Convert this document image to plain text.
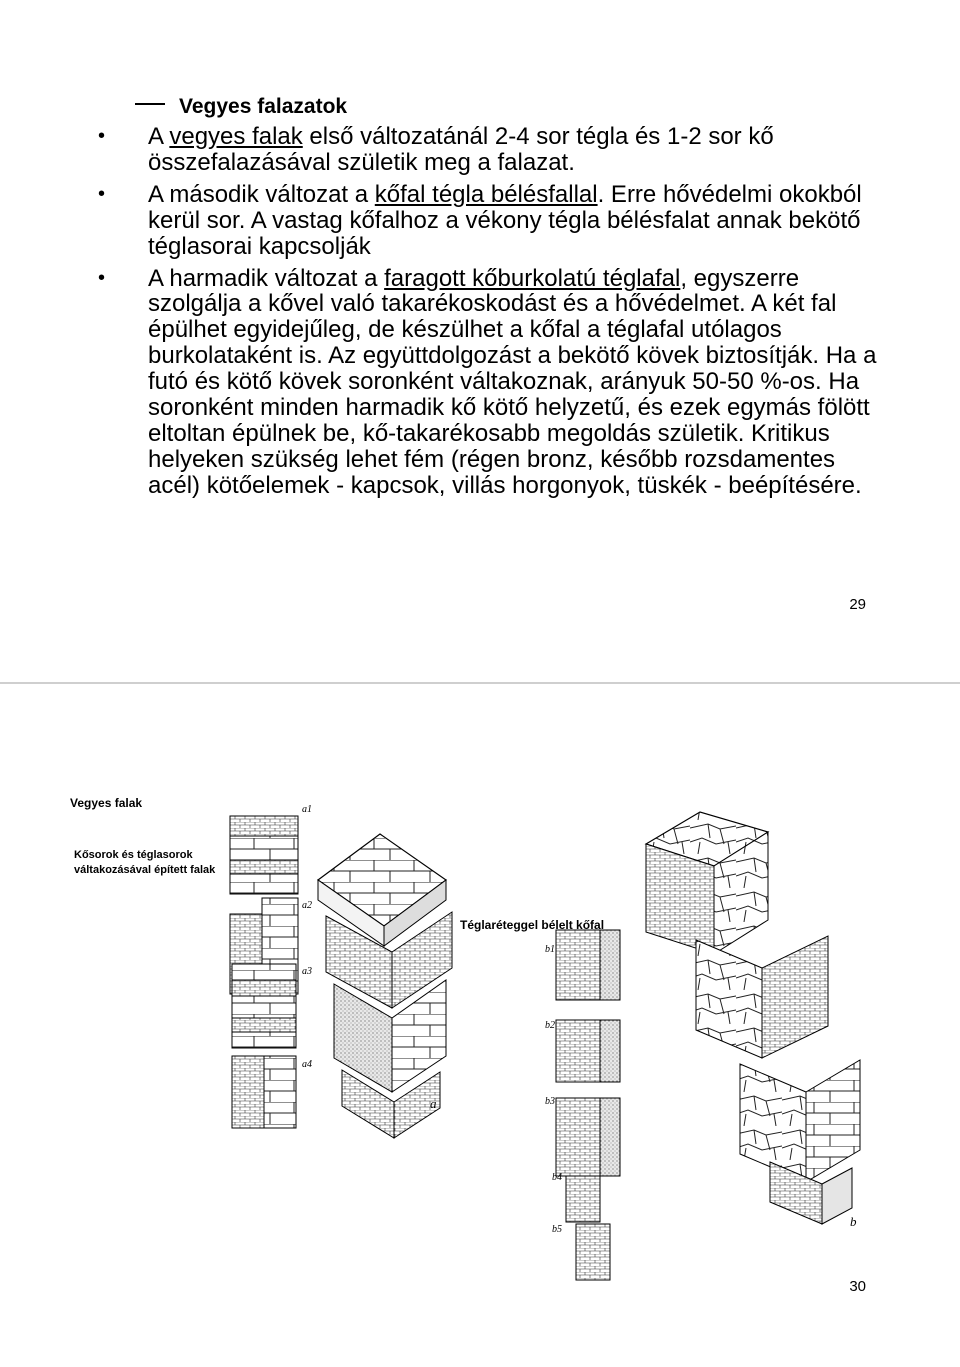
Vegyes falazatok
• A vegyes falak első változatánál 2-4 sor tégla és 1-2 sor kő összefalazásával születik meg a falazat.
• A második változat a kőfal tégla bélésfallal. Erre hővédelmi okokból kerül sor. A vastag kőfalhoz a vékony tégla bélésfalat annak bekötő téglasorai kapcsolják
• A harmadik változat a faragott kőburkolatú téglafal, egyszerre szolgálja a kővel való takarékoskodást és a hővédelmet. A két fal épülhet egyidejűleg, de készülhet a kőfal a téglafal utólagos burkolataként is. Az együttdolgozást a bekötő kövek biztosítják. Ha a futó és kötő kövek soronként váltakoznak, arányuk 50-50 %-os. Ha soronként minden harmadik kő kötő helyzetű, és ezek egymás fölött eltoltan épülnek be, kő-takarékosabb megoldás születik. Kritikus helyeken szükség lehet fém (régen bronz, később rozsdamentes acél) kötőelemek - kapcsok, villás horgonyok, tüskék - beépítésére.
29
Vegyes falak
Kősorok és téglasorok
váltakozásával épített falak
Téglaréteggel bélelt kőfal
a1
a2
a3
a4
a
b1
b2
b3
b4
b5
b
30
